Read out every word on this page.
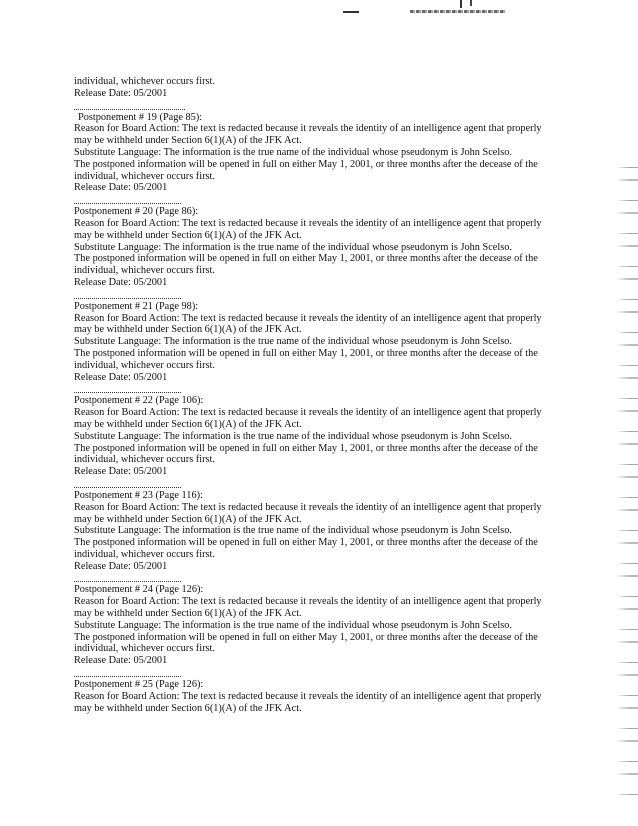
individual, whichever occurs first.
Release Date: 05/2001
Postponement # 19 (Page 85):
Reason for Board Action: The text is redacted because it reveals the identity of an intelligence agent that properly
may be withheld under Section 6(1)(A) of the JFK Act.
Substitute Language: The information is the true name of the individual whose pseudonym is John Scelso.
The postponed information will be opened in full on either May 1, 2001, or three months after the decease of the
individual, whichever occurs first.
Release Date: 05/2001
Postponement # 20 (Page 86):
Reason for Board Action: The text is redacted because it reveals the identity of an intelligence agent that properly
may be withheld under Section 6(1)(A) of the JFK Act.
Substitute Language: The information is the true name of the individual whose pseudonym is John Scelso.
The postponed information will be opened in full on either May 1, 2001, or three months after the decease of the
individual, whichever occurs first.
Release Date: 05/2001
Postponement # 21 (Page 98):
Reason for Board Action: The text is redacted because it reveals the identity of an intelligence agent that properly
may be withheld under Section 6(1)(A) of the JFK Act.
Substitute Language: The information is the true name of the individual whose pseudonym is John Scelso.
The postponed information will be opened in full on either May 1, 2001, or three months after the decease of the
individual, whichever occurs first.
Release Date: 05/2001
Postponement # 22 (Page 106):
Reason for Board Action: The text is redacted because it reveals the identity of an intelligence agent that properly
may be withheld under Section 6(1)(A) of the JFK Act.
Substitute Language: The information is the true name of the individual whose pseudonym is John Scelso.
The postponed information will be opened in full on either May 1, 2001, or three months after the decease of the
individual, whichever occurs first.
Release Date: 05/2001
Postponement # 23 (Page 116):
Reason for Board Action: The text is redacted because it reveals the identity of an intelligence agent that properly
may be withheld under Section 6(1)(A) of the JFK Act.
Substitute Language: The information is the true name of the individual whose pseudonym is John Scelso.
The postponed information will be opened in full on either May 1, 2001, or three months after the decease of the
individual, whichever occurs first.
Release Date: 05/2001
Postponement # 24 (Page 126):
Reason for Board Action: The text is redacted because it reveals the identity of an intelligence agent that properly
may be withheld under Section 6(1)(A) of the JFK Act.
Substitute Language: The information is the true name of the individual whose pseudonym is John Scelso.
The postponed information will be opened in full on either May 1, 2001, or three months after the decease of the
individual, whichever occurs first.
Release Date: 05/2001
Postponement # 25 (Page 126):
Reason for Board Action: The text is redacted because it reveals the identity of an intelligence agent that properly
may be withheld under Section 6(1)(A) of the JFK Act.
